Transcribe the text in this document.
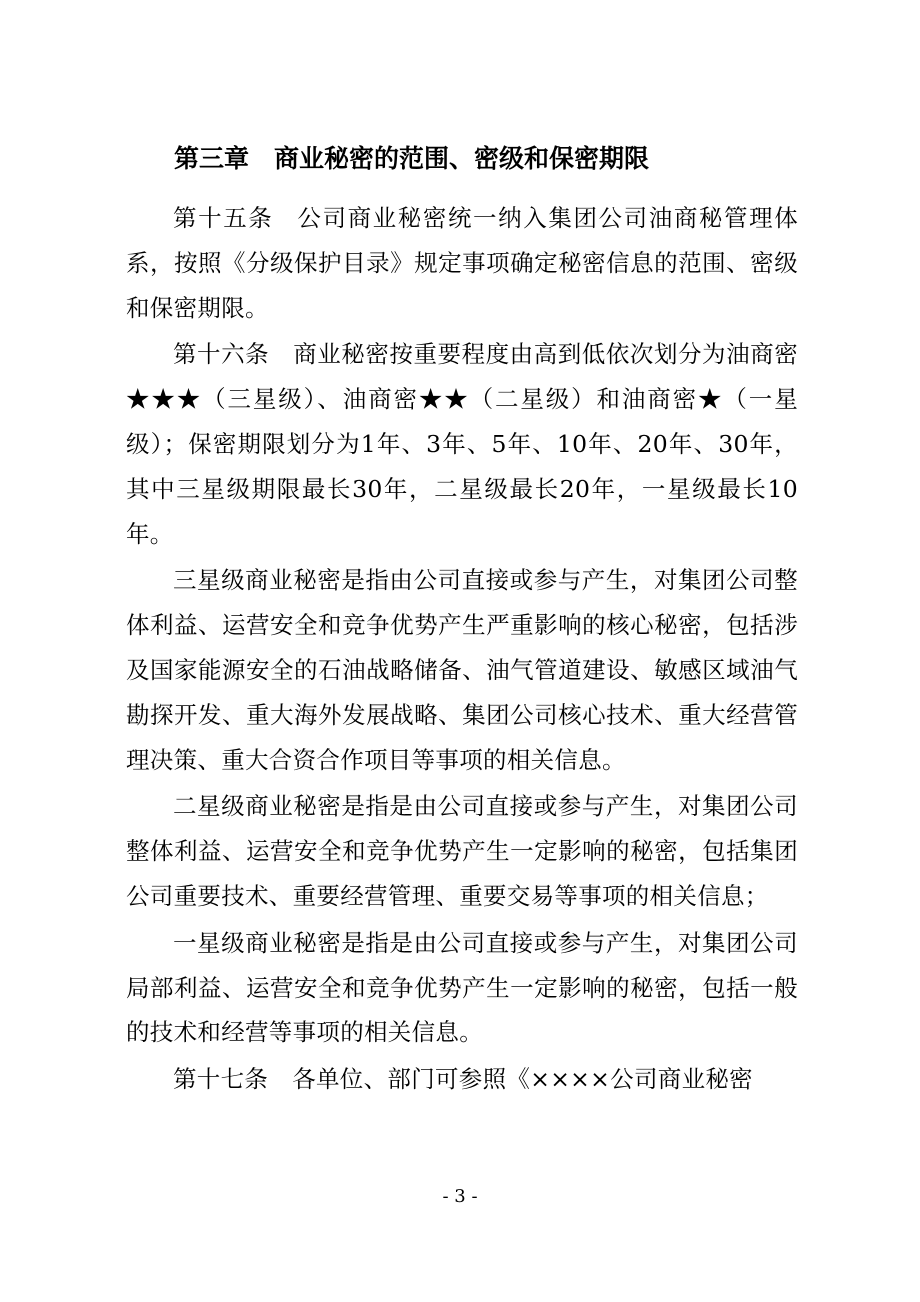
第三章　商业秘密的范围、密级和保密期限

第十五条 公司商业秘密统一纳入集团公司油商秘管理体系，按照《分级保护目录》规定事项确定秘密信息的范围、密级和保密期限。

第十六条 商业秘密按重要程度由高到低依次划分为油商密★★★（三星级）、油商密★★（二星级）和油商密★（一星级）；保密期限划分为1年、3年、5年、10年、20年、30年，其中三星级期限最长30年，二星级最长20年，一星级最长10年。

三星级商业秘密是指由公司直接或参与产生，对集团公司整体利益、运营安全和竞争优势产生严重影响的核心秘密，包括涉及国家能源安全的石油战略储备、油气管道建设、敏感区域油气勘探开发、重大海外发展战略、集团公司核心技术、重大经营管理决策、重大合资合作项目等事项的相关信息。

二星级商业秘密是指是由公司直接或参与产生，对集团公司整体利益、运营安全和竞争优势产生一定影响的秘密，包括集团公司重要技术、重要经营管理、重要交易等事项的相关信息；

一星级商业秘密是指是由公司直接或参与产生，对集团公司局部利益、运营安全和竞争优势产生一定影响的秘密，包括一般的技术和经营等事项的相关信息。

第十七条 各单位、部门可参照《××××公司商业秘密

- 3 -
